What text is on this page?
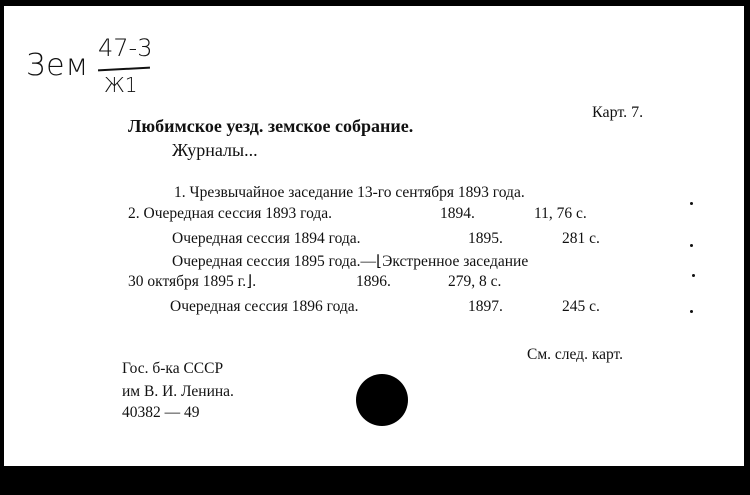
Зем 47-3
Ж1
Карт. 7.
Любимское уезд. земское собрание.
Журналы...
1. Чрезвычайное заседание 13-го сентября 1893 года.
2. Очередная сессия 1893 года.	1894.	11, 76 с.
Очередная сессия 1894 года.	1895.	281 с.
Очередная сессия 1895 года.—⌊Экстренное заседание
30 октября 1895 г.⌋.	1896.	279, 8 с.
Очередная сессия 1896 года.	1897.	245 с.
См. след. карт.
Гос. б-ка СССР
им В. И. Ленина.
40382 — 49
